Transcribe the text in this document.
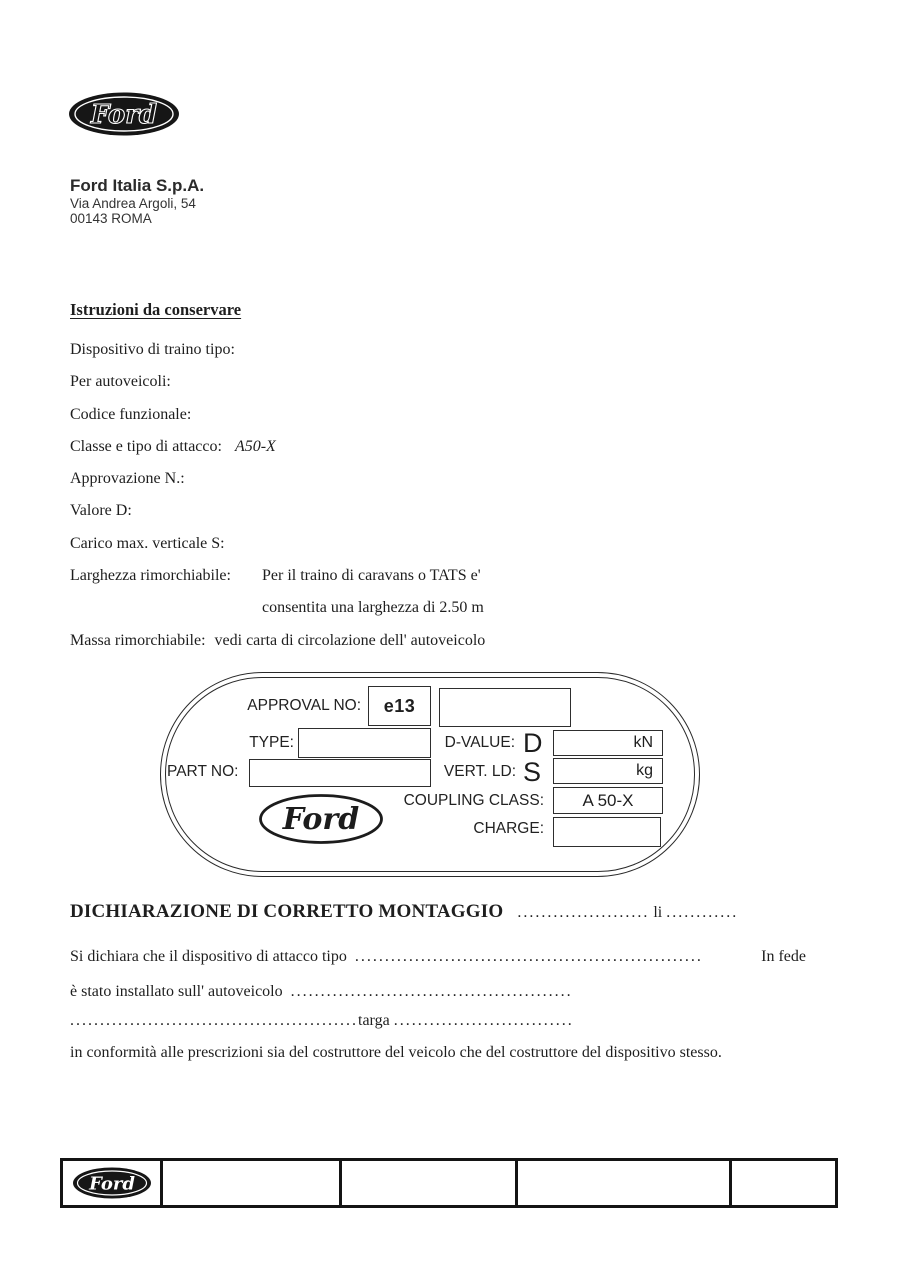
Ford
Ford Italia S.p.A.
Via Andrea Argoli, 54
00143 ROMA
Istruzioni da conservare
Dispositivo di traino tipo:
Per autoveicoli:
Codice funzionale:
Classe e tipo di attacco: A50-X
Approvazione N.:
Valore D:
Carico max. verticale S:
Larghezza rimorchiabile: Per il traino di caravans o TATS e'
consentita una larghezza di 2.50 m
Massa rimorchiabile: vedi carta di circolazione dell' autoveicolo
APPROVAL NO:	e13
TYPE:	D-VALUE: D	kN
PART NO:	VERT. LD: S	kg
Ford
COUPLING CLASS:	A 50-X
CHARGE:
DICHIARAZIONE DI CORRETTO MONTAGGIO ...................... li ............
Si dichiara che il dispositivo di attacco tipo ..........................................................	In fede
è stato installato sull' autoveicolo ...............................................
................................................targa ..............................
in conformità alle prescrizioni sia del costruttore del veicolo che del costruttore del dispositivo stesso.
Ford
